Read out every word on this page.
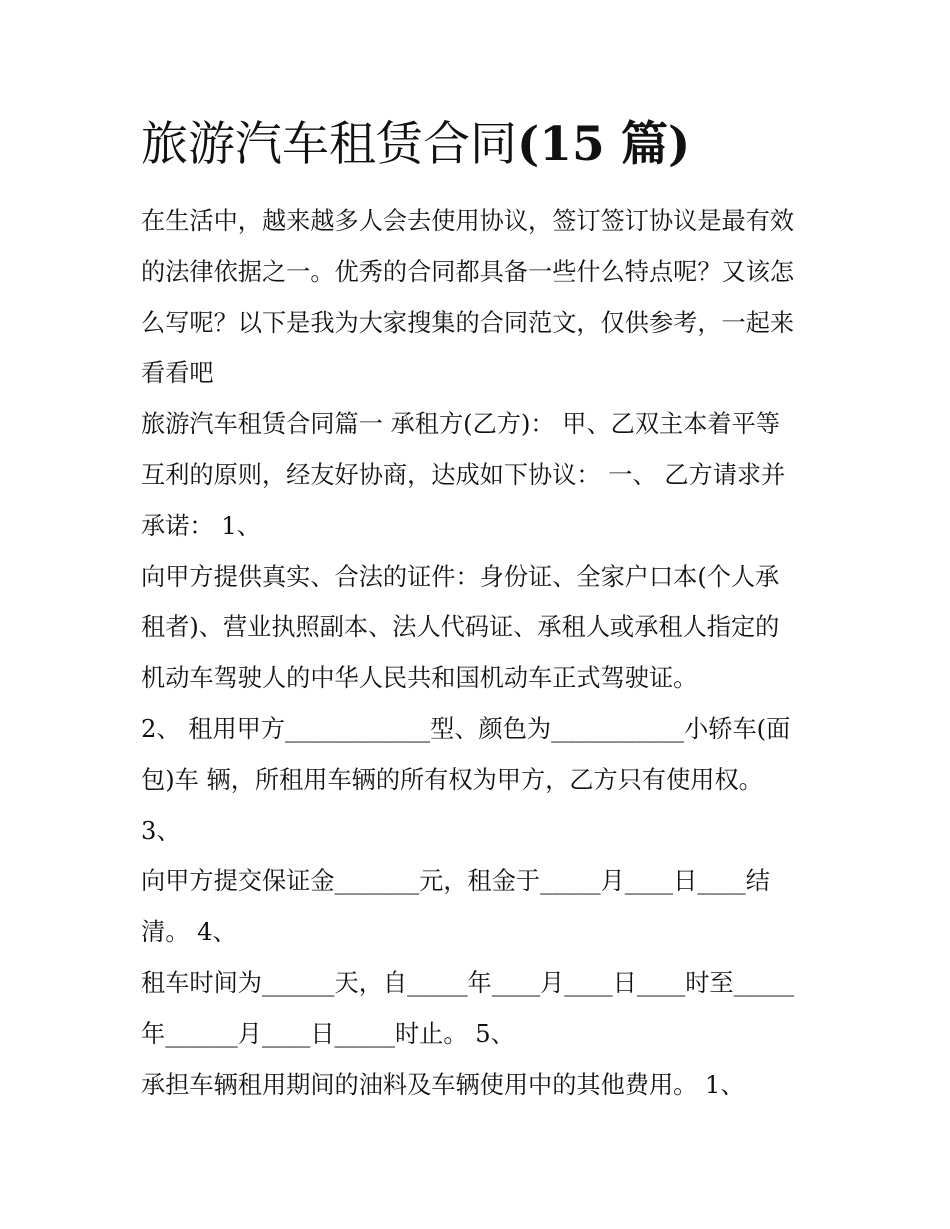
旅游汽车租赁合同(15 篇)
在生活中，越来越多人会去使用协议，签订签订协议是最有效
的法律依据之一。优秀的合同都具备一些什么特点呢？又该怎
么写呢？以下是我为大家搜集的合同范文，仅供参考，一起来
看看吧
旅游汽车租赁合同篇一 承租方(乙方)： 甲、乙双主本着平等
互利的原则，经友好协商，达成如下协议： 一、 乙方请求并
承诺： 1、
向甲方提供真实、合法的证件：身份证、全家户口本(个人承
租者)、营业执照副本、法人代码证、承租人或承租人指定的
机动车驾驶人的中华人民共和国机动车正式驾驶证。
2、 租用甲方____________型、颜色为___________小轿车(面
包)车 辆，所租用车辆的所有权为甲方，乙方只有使用权。
3、
向甲方提交保证金_______元，租金于_____月____日____结
清。 4、
租车时间为______天，自_____年____月____日____时至_____
年______月____日_____时止。 5、
承担车辆租用期间的油料及车辆使用中的其他费用。 1、
